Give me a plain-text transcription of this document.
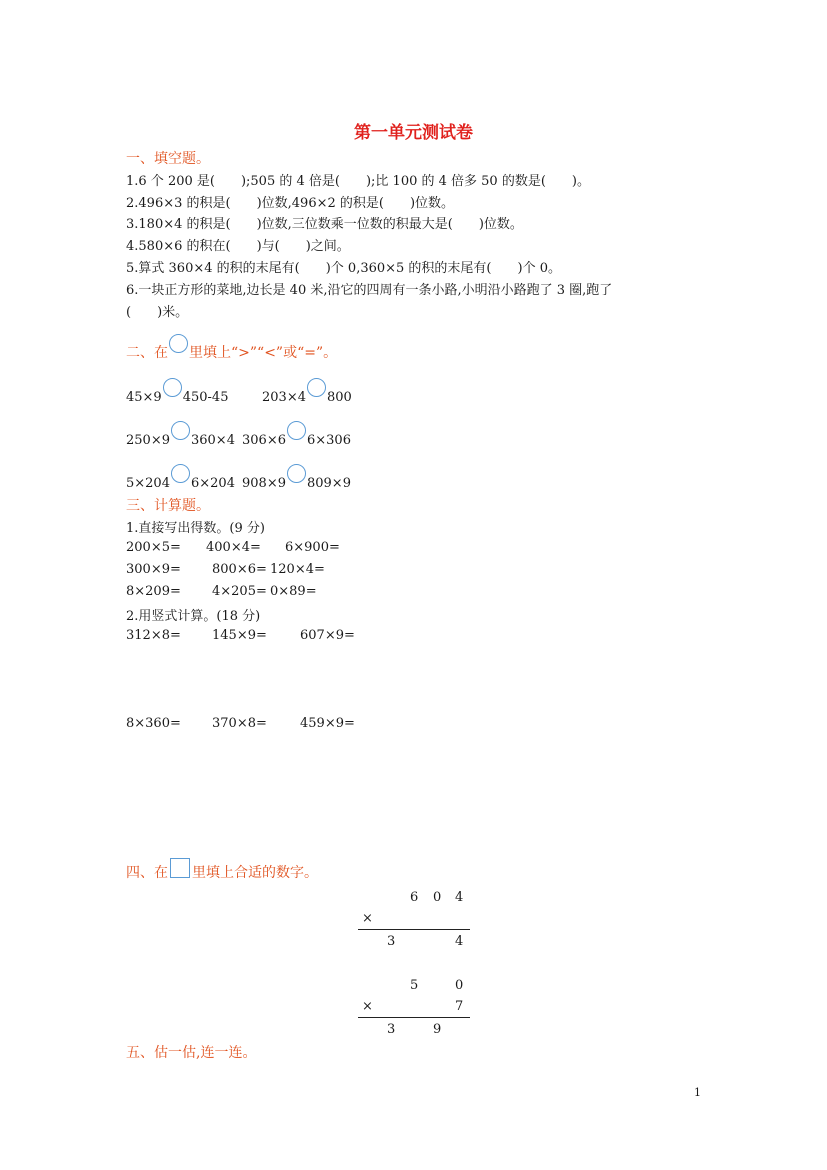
第一单元测试卷
一、填空题。
1.6 个 200 是(　　);505 的 4 倍是(　　);比 100 的 4 倍多 50 的数是(　　)。
2.496×3 的积是(　　)位数,496×2 的积是(　　)位数。
3.180×4 的积是(　　)位数,三位数乘一位数的积最大是(　　)位数。
4.580×6 的积在(　　)与(　　)之间。
5.算式 360×4 的积的末尾有(　　)个 0,360×5 的积的末尾有(　　)个 0。
6.一块正方形的菜地,边长是 40 米,沿它的四周有一条小路,小明沿小路跑了 3 圈,跑了
(　　)米。
二、在 里填上“>”“<”或“=”。
45×9 450-45	203×4 800
250×9 360×4 306×6 6×306
5×204 6×204 908×9 809×9
三、计算题。
1.直接写出得数。(9 分)
200×5= 400×4= 6×900=
300×9= 800×6= 120×4=
8×209= 4×205= 0×89=
2.用竖式计算。(18 分)
312×8= 145×9=	607×9=
8×360= 370×8=	459×9=
四、在 里填上合适的数字。
6 0 4
×
3	4
5	0
×	7
3	9
五、估一估,连一连。
1
